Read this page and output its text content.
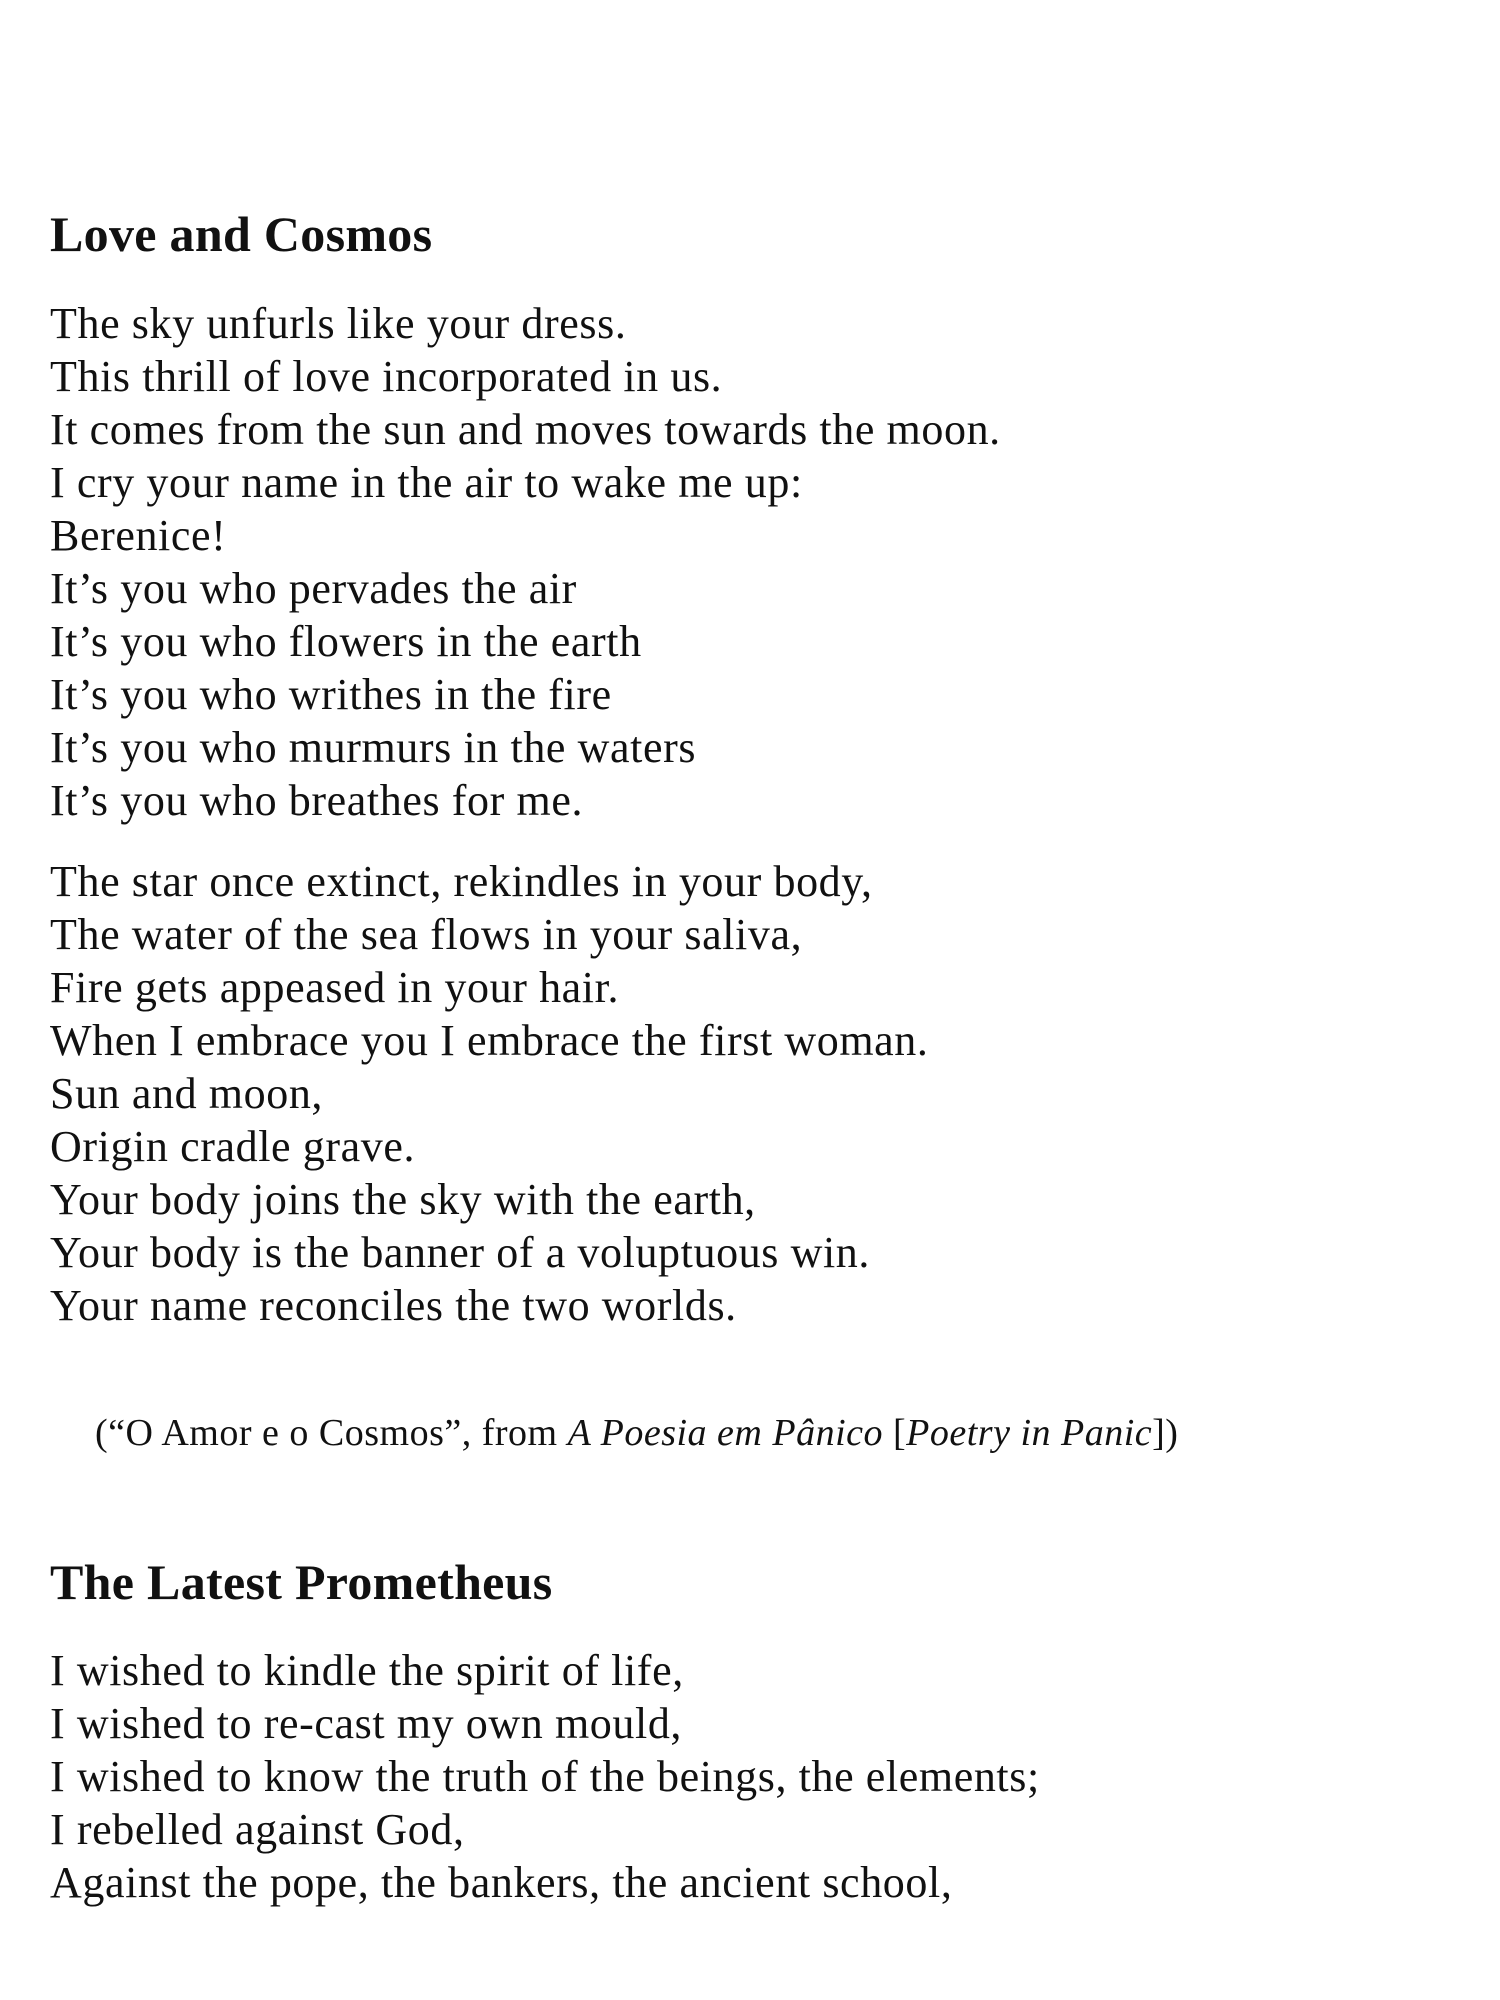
Love and Cosmos
The sky unfurls like your dress.
This thrill of love incorporated in us.
It comes from the sun and moves towards the moon.
I cry your name in the air to wake me up:
Berenice!
It’s you who pervades the air
It’s you who flowers in the earth
It’s you who writhes in the fire
It’s you who murmurs in the waters
It’s you who breathes for me.
The star once extinct, rekindles in your body,
The water of the sea flows in your saliva,
Fire gets appeased in your hair.
When I embrace you I embrace the first woman.
Sun and moon,
Origin cradle grave.
Your body joins the sky with the earth,
Your body is the banner of a voluptuous win.
Your name reconciles the two worlds.
(“O Amor e o Cosmos”, from A Poesia em Pânico [Poetry in Panic])
The Latest Prometheus
I wished to kindle the spirit of life,
I wished to re-cast my own mould,
I wished to know the truth of the beings, the elements;
I rebelled against God,
Against the pope, the bankers, the ancient school,
